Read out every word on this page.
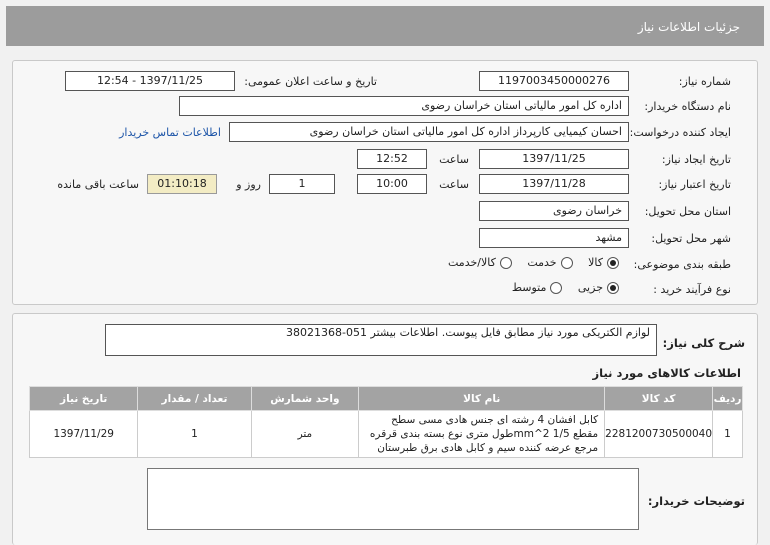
جزئیات اطلاعات نیاز
شماره نیاز:
1197003450000276
تاریخ و ساعت اعلان عمومی:
1397/11/25 - 12:54
نام دستگاه خریدار:
اداره کل امور مالیاتی استان خراسان رضوی
ایجاد کننده درخواست:
احسان کیمیایی کارپرداز اداره کل امور مالیاتی استان خراسان رضوی
اطلاعات تماس خریدار
تاریخ ایجاد نیاز:
1397/11/25
ساعت
12:52
تاریخ اعتبار نیاز:
1397/11/28
ساعت
10:00
1
روز و
01:10:18
ساعت باقی مانده
استان محل تحویل:
خراسان رضوی
شهر محل تحویل:
مشهد
طبقه بندی موضوعی:
کالا

خدمت

کالا/خدمت
نوع فرآیند خرید :
جزیی

متوسط
شرح کلی نیاز:
لوازم الکتریکی مورد نیاز مطابق فایل پیوست. اطلاعات بیشتر 051-38021368
اطلاعات کالاهای مورد نیاز
ردیف	کد کالا	نام کالا	واحد شمارش	تعداد / مقدار	تاریخ نیاز
1	2281200730500040	کابل افشان 4 رشته ای جنس هادی مسی سطح مقطع 1/5 mm^2طول متری نوع بسته بندی قرقره مرجع عرضه کننده سیم و کابل هادی برق طبرستان	متر	1	1397/11/29
توضیحات خریدار:
